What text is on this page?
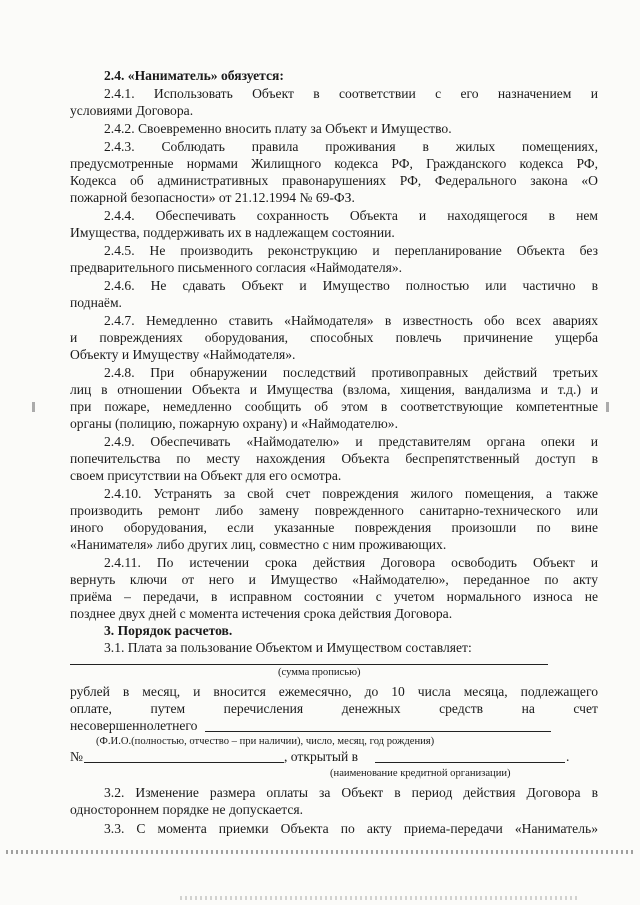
2.4. «Наниматель» обязуется:
2.4.1. Использовать Объект в соответствии с его назначением и
условиями Договора.
2.4.2. Своевременно вносить плату за Объект и Имущество.
2.4.3. Соблюдать правила проживания в жилых помещениях,
предусмотренные нормами Жилищного кодекса РФ, Гражданского кодекса РФ,
Кодекса об административных правонарушениях РФ, Федерального закона «О
пожарной безопасности» от 21.12.1994 № 69-ФЗ.
2.4.4. Обеспечивать сохранность Объекта и находящегося в нем
Имущества, поддерживать их в надлежащем состоянии.
2.4.5. Не производить реконструкцию и перепланирование Объекта без
предварительного письменного согласия «Наймодателя».
2.4.6. Не сдавать Объект и Имущество полностью или частично в
поднаём.
2.4.7. Немедленно ставить «Наймодателя» в известность обо всех авариях
и повреждениях оборудования, способных повлечь причинение ущерба
Объекту и Имуществу «Наймодателя».
2.4.8. При обнаружении последствий противоправных действий третьих
лиц в отношении Объекта и Имущества (взлома, хищения, вандализма и т.д.) и
при пожаре, немедленно сообщить об этом в соответствующие компетентные
органы (полицию, пожарную охрану) и «Наймодателю».
2.4.9. Обеспечивать «Наймодателю» и представителям органа опеки и
попечительства по месту нахождения Объекта беспрепятственный доступ в
своем присутствии на Объект для его осмотра.
2.4.10. Устранять за свой счет повреждения жилого помещения, а также
производить ремонт либо замену поврежденного санитарно-технического или
иного оборудования, если указанные повреждения произошли по вине
«Нанимателя» либо других лиц, совместно с ним проживающих.
2.4.11. По истечении срока действия Договора освободить Объект и
вернуть ключи от него и Имущество «Наймодателю», переданное по акту
приёма – передачи, в исправном состоянии с учетом нормального износа не
позднее двух дней с момента истечения срока действия Договора.
3. Порядок расчетов.
3.1. Плата за пользование Объектом и Имуществом составляет:
(сумма прописью)
рублей в месяц, и вносится ежемесячно, до 10 числа месяца, подлежащего
оплате,	путем	перечисления	денежных	средств	на	счет
несовершеннолетнего
(Ф.И.О.(полностью, отчество – при наличии), число, месяц, год рождения)
№	, открытый в	.
(наименование кредитной организации)
3.2. Изменение размера оплаты за Объект в период действия Договора в
одностороннем порядке не допускается.
3.3. С момента приемки Объекта по акту приема-передачи «Наниматель»
